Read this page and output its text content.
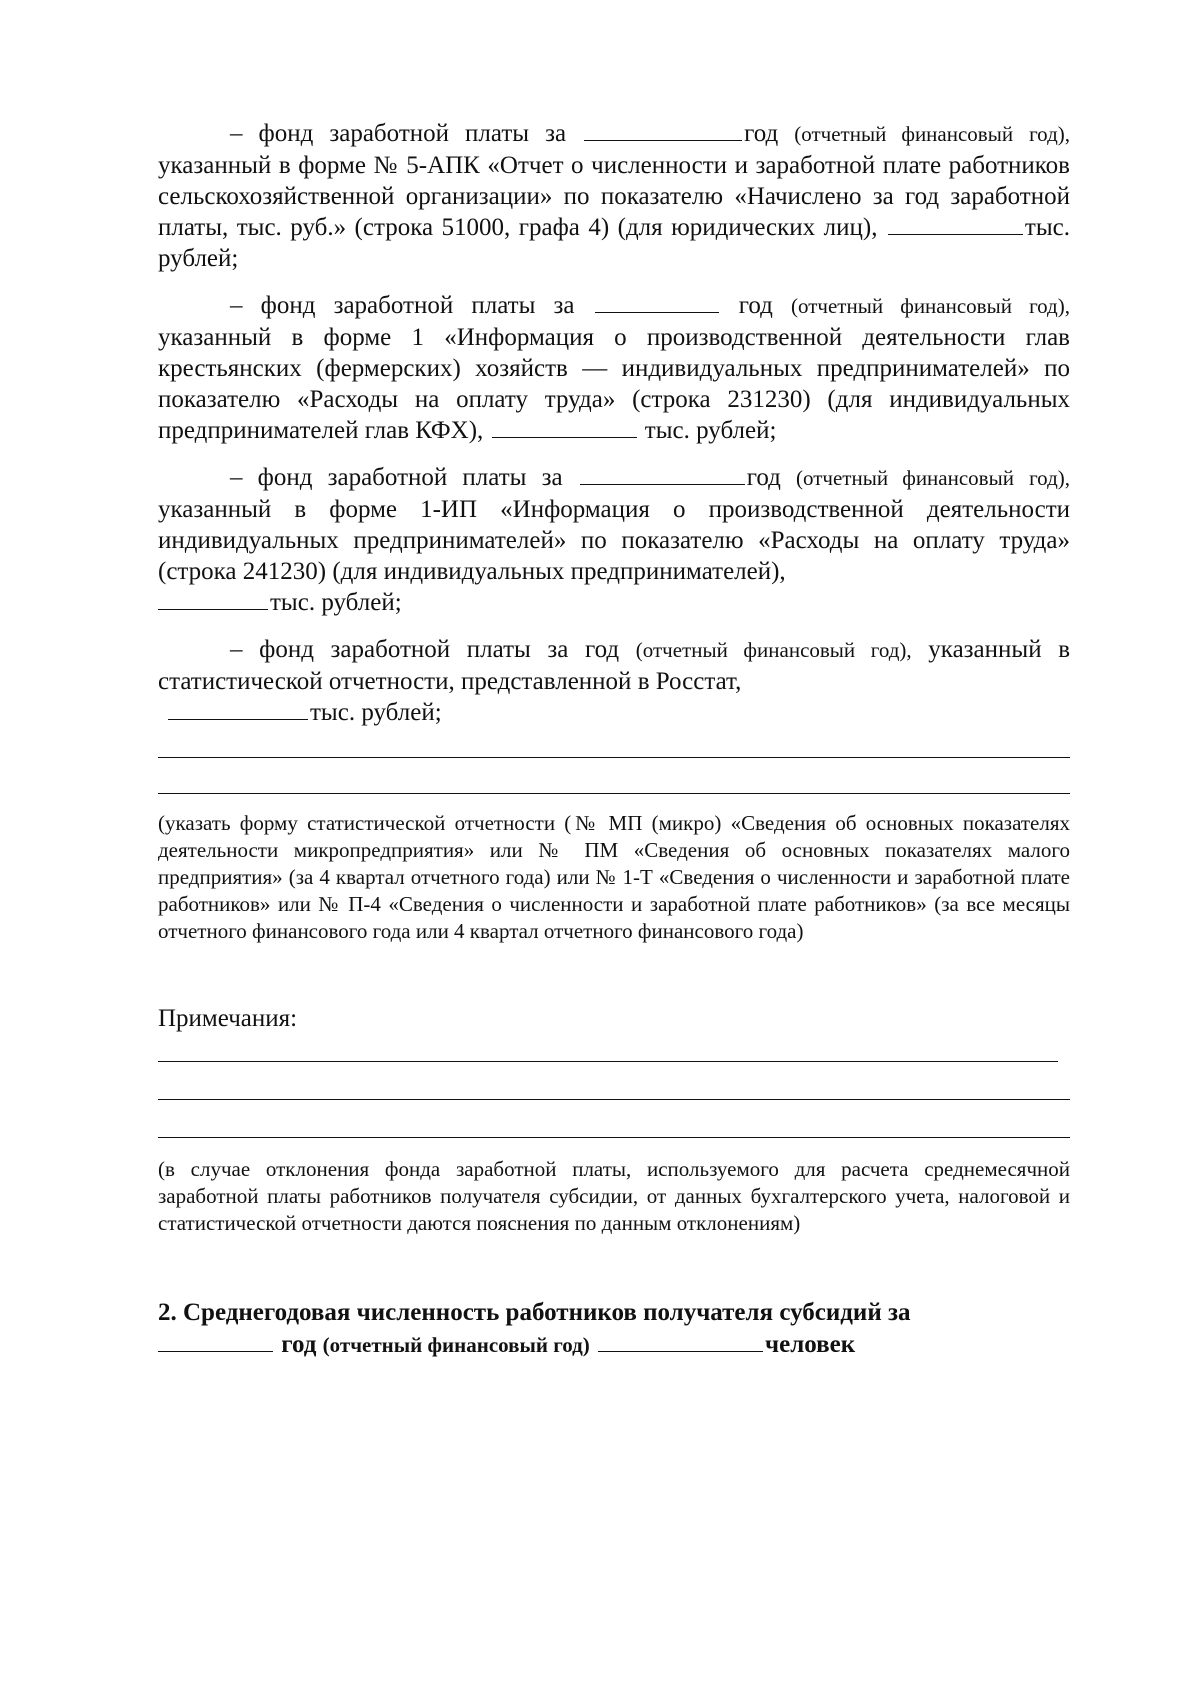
– фонд заработной платы за	год (отчетный финансовый год), указанный в форме № 5-АПК «Отчет о численности и заработной плате работников сельскохозяйственной организации» по показателю «Начислено за год заработной платы, тыс. руб.» (строка 51000, графа 4) (для юридических лиц),	тыс. рублей;

– фонд заработной платы за	год (отчетный финансовый год), указанный в форме 1 «Информация о производственной деятельности глав крестьянских (фермерских) хозяйств — индивидуальных предпринимателей» по показателю «Расходы на оплату труда» (строка 231230) (для индивидуальных предпринимателей глав КФХ),	тыс. рублей;

– фонд заработной платы за	год (отчетный финансовый год), указанный в форме 1-ИП «Информация о производственной деятельности индивидуальных предпринимателей» по показателю «Расходы на оплату труда» (строка 241230) (для индивидуальных предпринимателей),
тыс. рублей;

– фонд заработной платы за год (отчетный финансовый год), указанный в статистической отчетности, представленной в Росстат,
тыс. рублей;

(указать форму статистической отчетности (№ МП (микро) «Сведения об основных показателях деятельности микропредприятия» или № ПМ «Сведения об основных показателях малого предприятия» (за 4 квартал отчетного года) или № 1-Т «Сведения о численности и заработной плате работников» или № П-4 «Сведения о численности и заработной плате работников» (за все месяцы отчетного финансового года или 4 квартал отчетного финансового года)

Примечания:

(в случае отклонения фонда заработной платы, используемого для расчета среднемесячной заработной платы работников получателя субсидии, от данных бухгалтерского учета, налоговой и статистической отчетности даются пояснения по данным отклонениям)

2. Среднегодовая численность работников получателя субсидий за
год (отчетный финансовый год)	человек
